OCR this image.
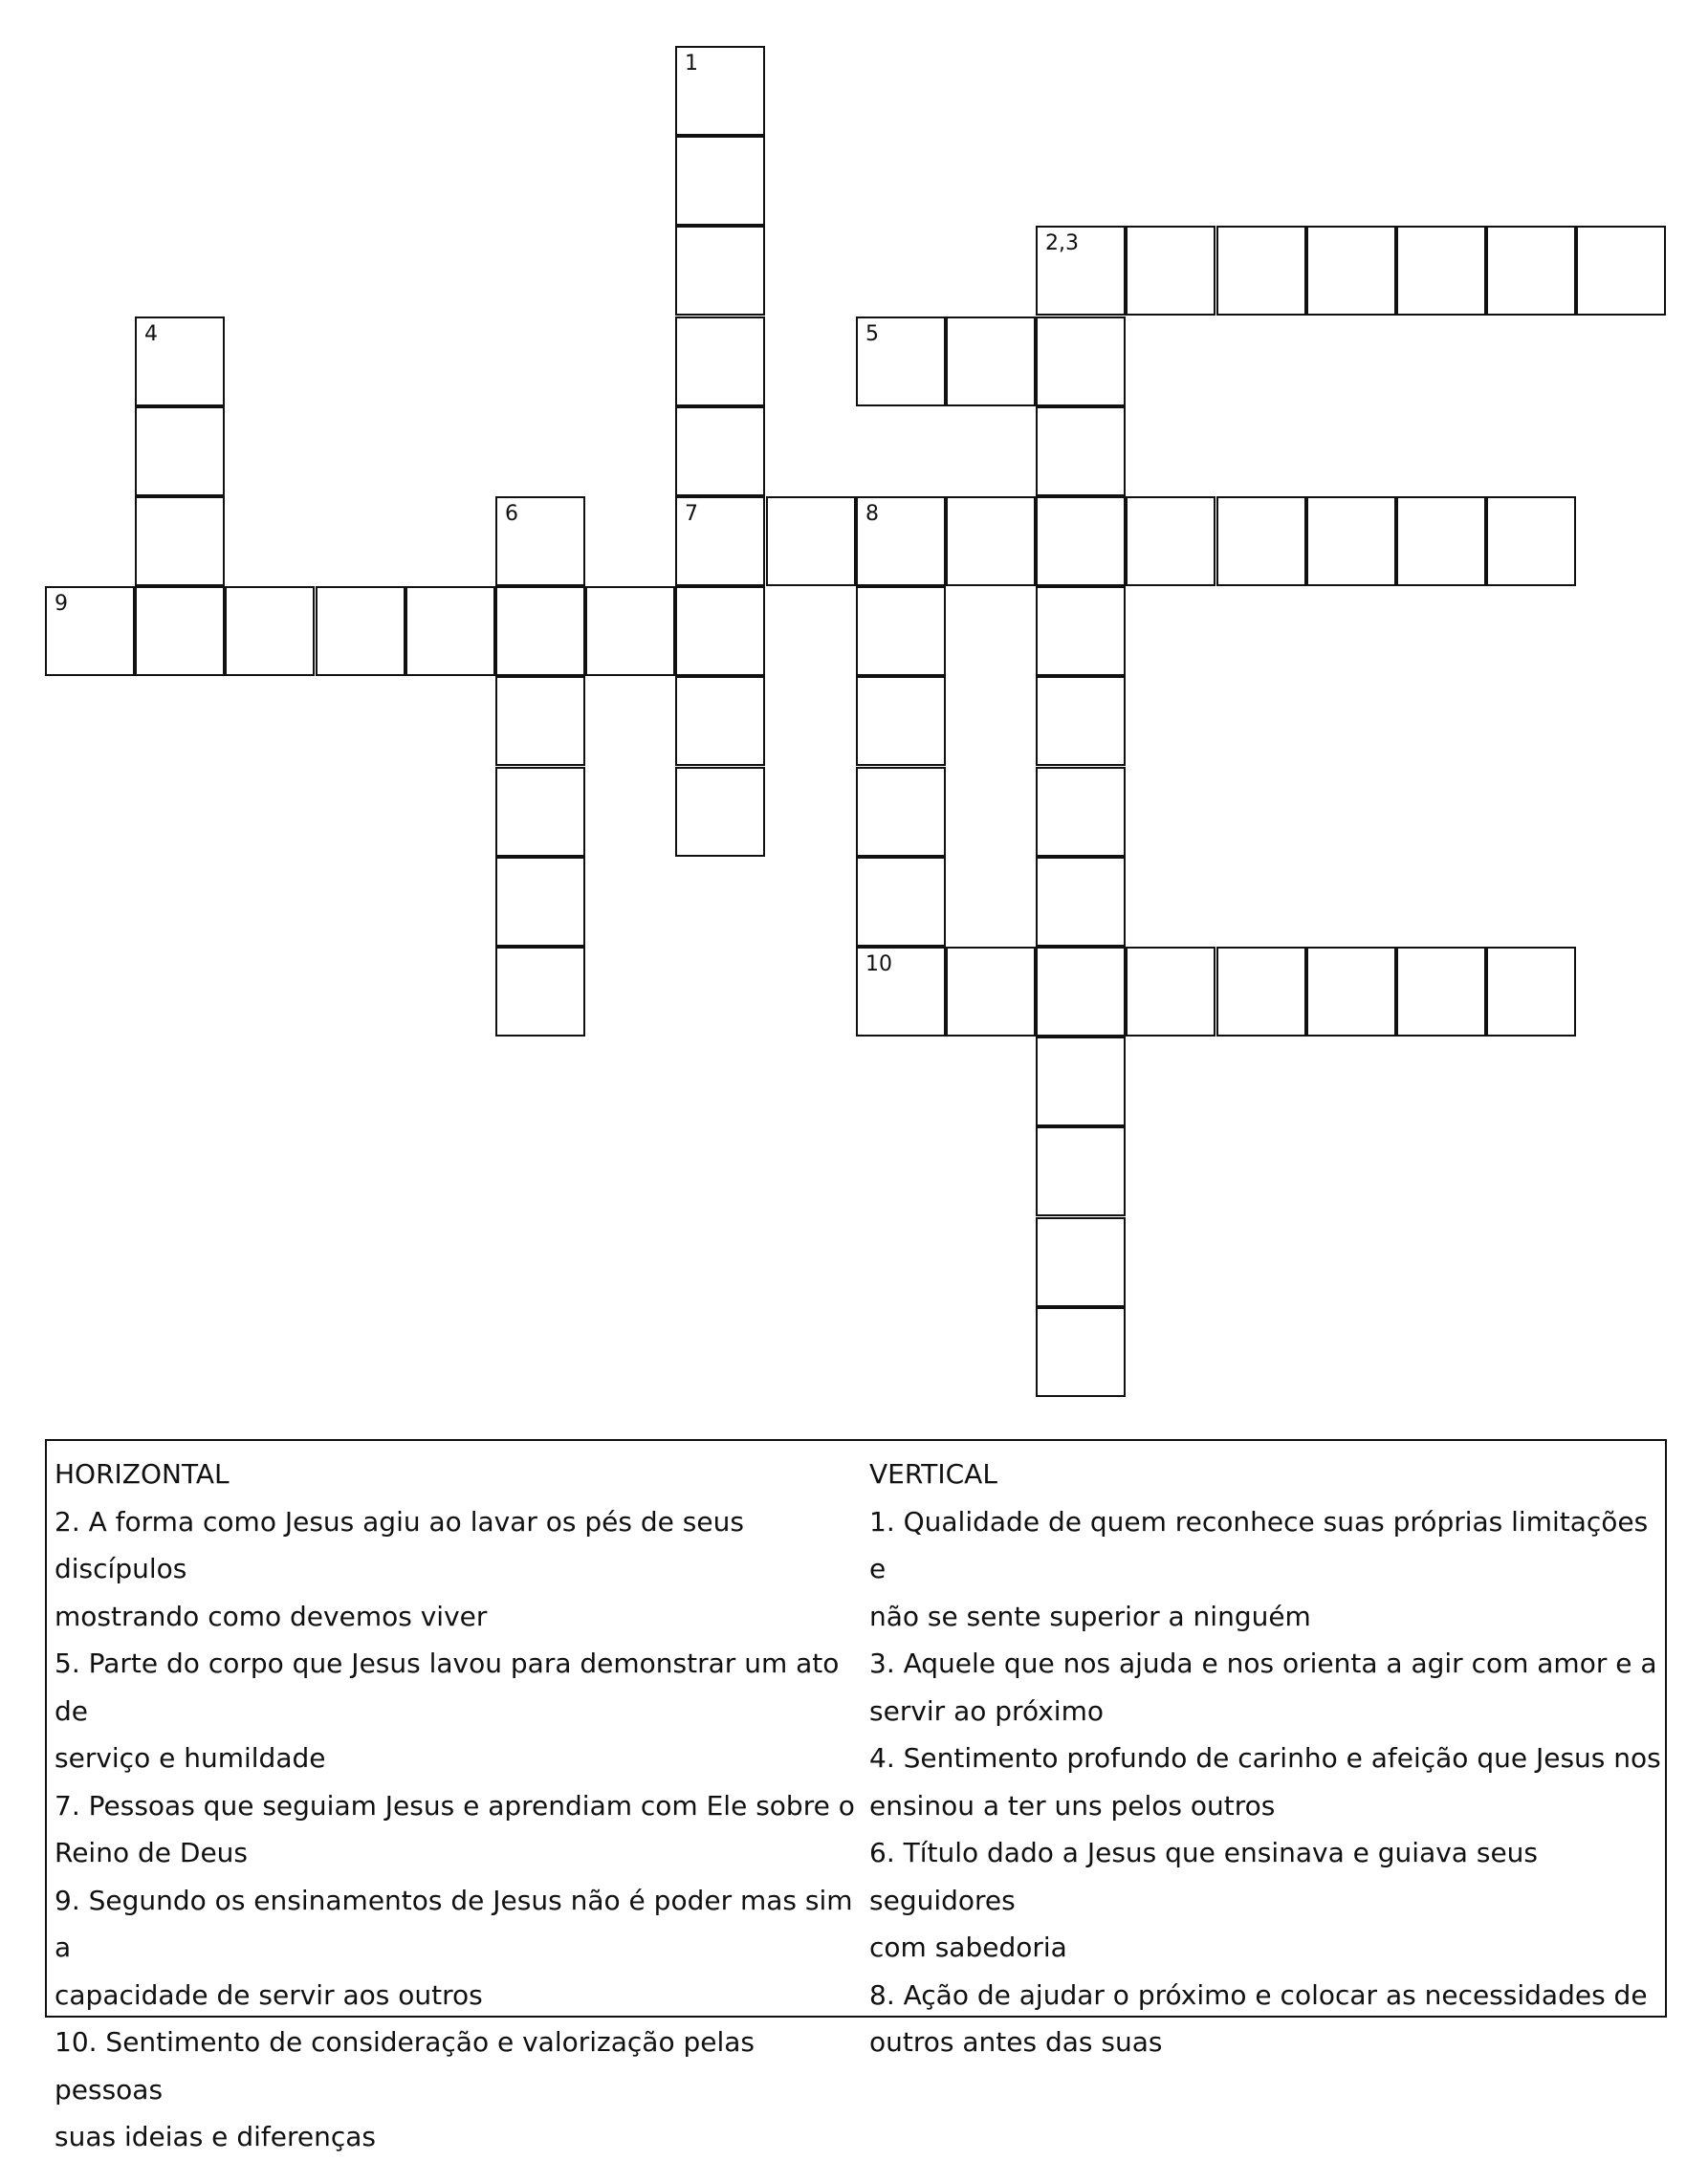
1
2,3
4	5
6	7	8
9
10
HORIZONTAL
2. A forma como Jesus agiu ao lavar os pés de seus discípulos
mostrando como devemos viver
5. Parte do corpo que Jesus lavou para demonstrar um ato de
serviço e humildade
7. Pessoas que seguiam Jesus e aprendiam com Ele sobre o
Reino de Deus
9. Segundo os ensinamentos de Jesus não é poder mas sim a
capacidade de servir aos outros
10. Sentimento de consideração e valorização pelas pessoas
suas ideias e diferenças
VERTICAL
1. Qualidade de quem reconhece suas próprias limitações e
não se sente superior a ninguém
3. Aquele que nos ajuda e nos orienta a agir com amor e a
servir ao próximo
4. Sentimento profundo de carinho e afeição que Jesus nos
ensinou a ter uns pelos outros
6. Título dado a Jesus que ensinava e guiava seus seguidores
com sabedoria
8. Ação de ajudar o próximo e colocar as necessidades de
outros antes das suas
